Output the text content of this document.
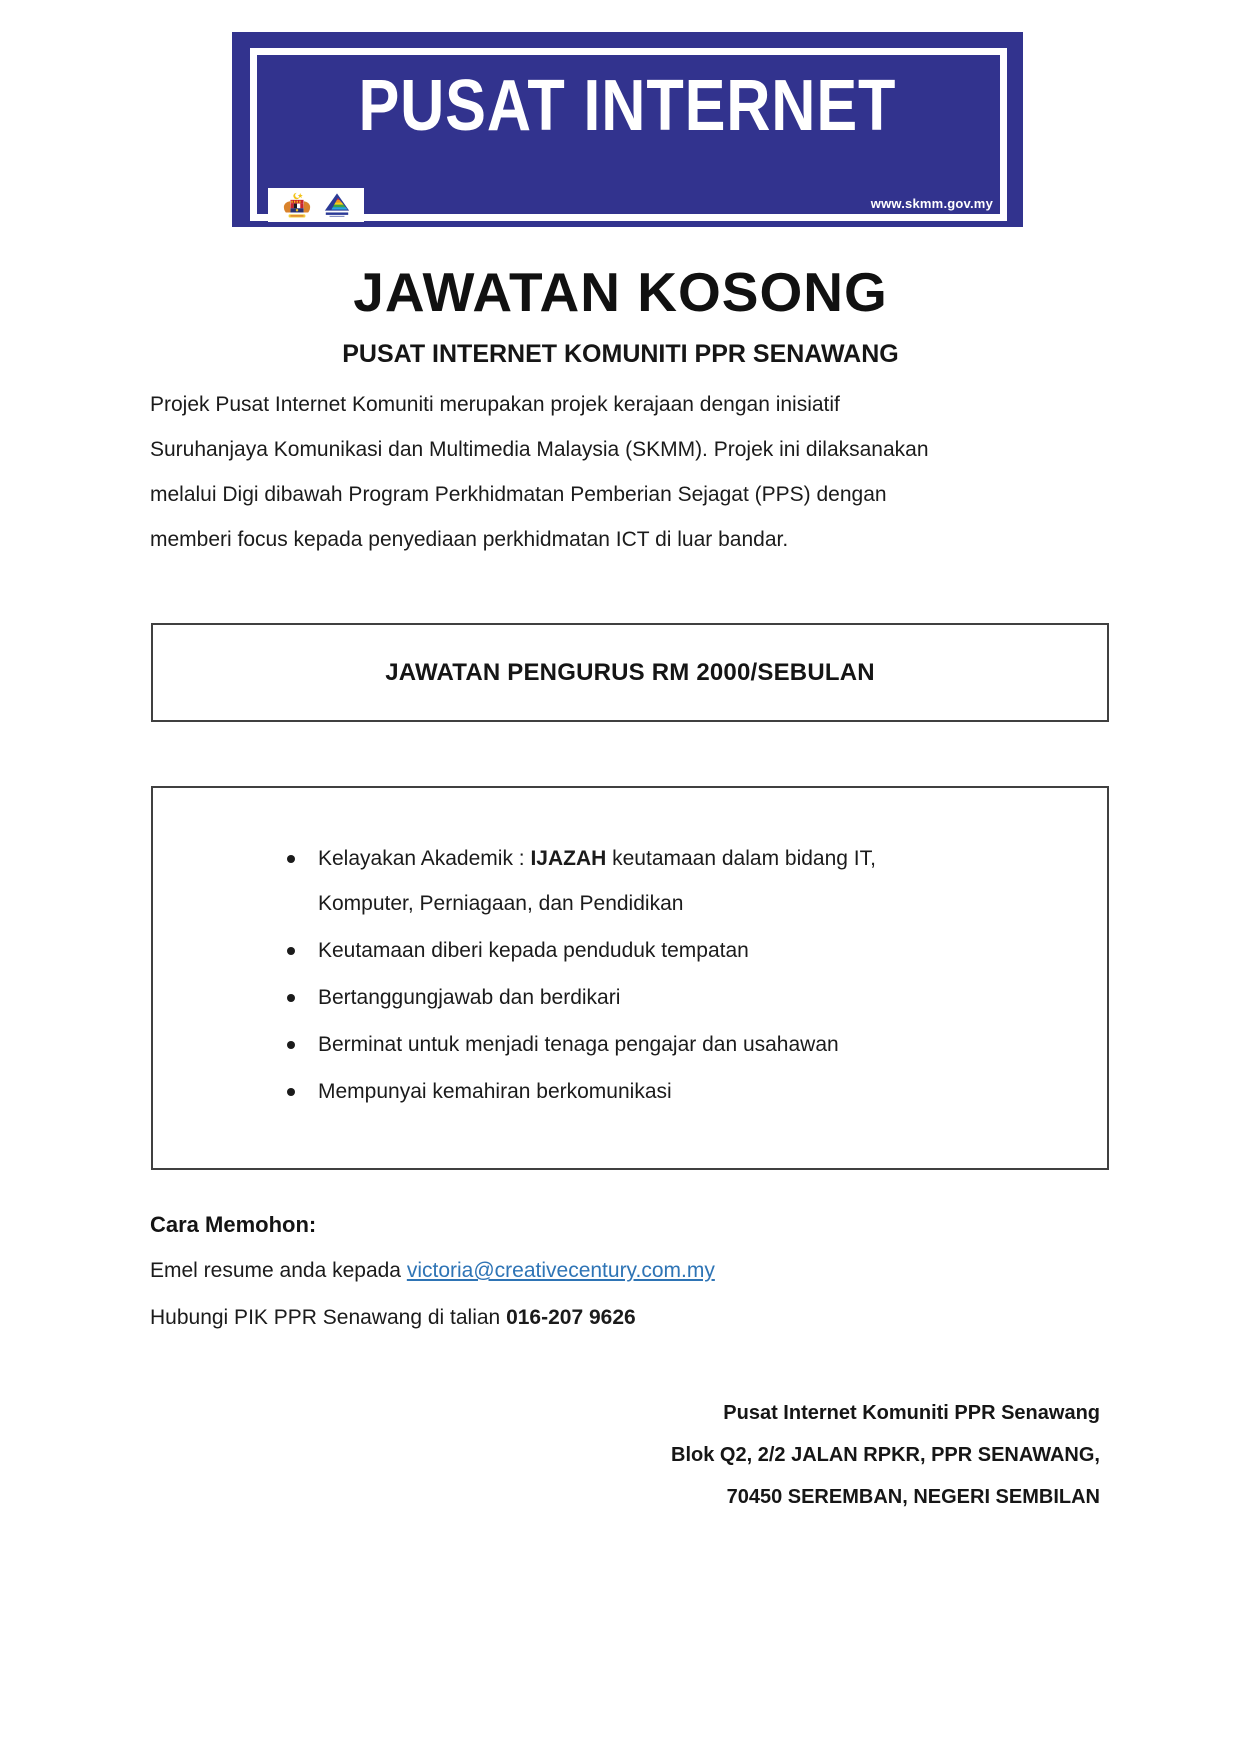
PUSAT INTERNET
www.skmm.gov.my
JAWATAN KOSONG
PUSAT INTERNET KOMUNITI PPR SENAWANG
Projek Pusat Internet Komuniti merupakan projek kerajaan dengan inisiatif
Suruhanjaya Komunikasi dan Multimedia Malaysia (SKMM). Projek ini dilaksanakan
melalui Digi dibawah Program Perkhidmatan Pemberian Sejagat (PPS) dengan
memberi focus kepada penyediaan perkhidmatan ICT di luar bandar.
JAWATAN PENGURUS RM 2000/SEBULAN
Kelayakan Akademik : IJAZAH keutamaan dalam bidang IT, Komputer, Perniagaan, dan Pendidikan
Keutamaan diberi kepada penduduk tempatan
Bertanggungjawab dan berdikari
Berminat untuk menjadi tenaga pengajar dan usahawan
Mempunyai kemahiran berkomunikasi
Cara Memohon:
Emel resume anda kepada victoria@creativecentury.com.my
Hubungi PIK PPR Senawang di talian 016-207 9626
Pusat Internet Komuniti PPR Senawang
Blok Q2, 2/2 JALAN RPKR, PPR SENAWANG,
70450 SEREMBAN, NEGERI SEMBILAN
